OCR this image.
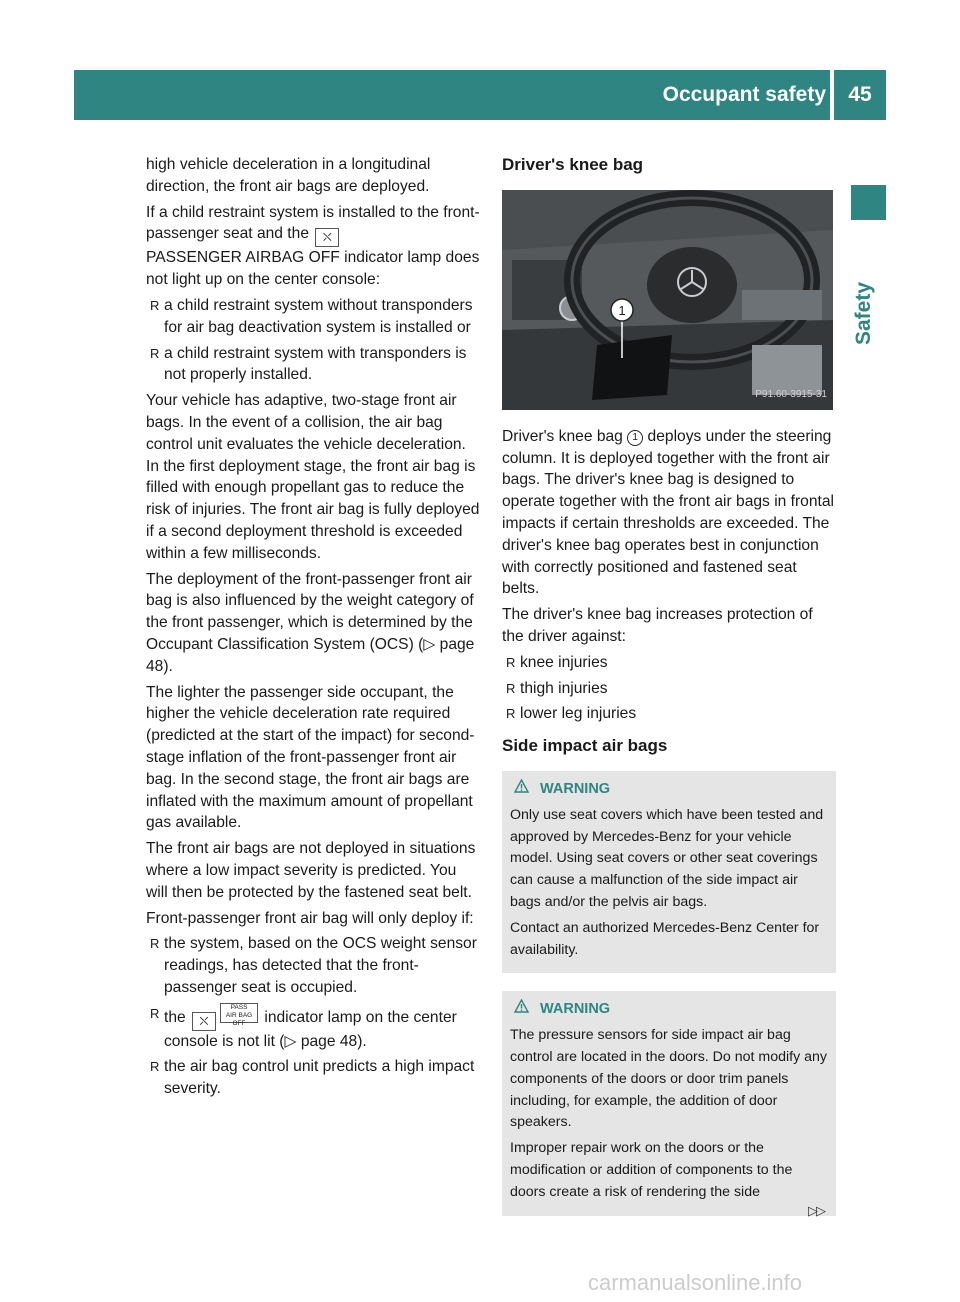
Occupant safety	45
Safety

high vehicle deceleration in a longitudinal direction, the front air bags are deployed.

If a child restraint system is installed to the front-passenger seat and the ⛌
PASSENGER AIRBAG OFF indicator lamp does not light up on the center console:

R a child restraint system without transponders for air bag deactivation system is installed or
R a child restraint system with transponders is not properly installed.

Your vehicle has adaptive, two-stage front air bags. In the event of a collision, the air bag control unit evaluates the vehicle deceleration. In the first deployment stage, the front air bag is filled with enough propellant gas to reduce the risk of injuries. The front air bag is fully deployed if a second deployment threshold is exceeded within a few milliseconds.

The deployment of the front-passenger front air bag is also influenced by the weight category of the front passenger, which is determined by the Occupant Classification System (OCS) (▷ page 48).

The lighter the passenger side occupant, the higher the vehicle deceleration rate required (predicted at the start of the impact) for second-stage inflation of the front-passenger front air bag. In the second stage, the front air bags are inflated with the maximum amount of propellant gas available.

The front air bags are not deployed in situations where a low impact severity is predicted. You will then be protected by the fastened seat belt.

Front-passenger front air bag will only deploy if:

R the system, based on the OCS weight sensor readings, has detected that the front-passenger seat is occupied.
R the ⛌PASS
AIR BAG OFF indicator lamp on the center console is not lit (▷ page 48).
R the air bag control unit predicts a high impact severity.
Driver's knee bag
1
P91.60-3915-31

Driver's knee bag 1 deploys under the steering column. It is deployed together with the front air bags. The driver's knee bag is designed to operate together with the front air bags in frontal impacts if certain thresholds are exceeded. The driver's knee bag operates best in conjunction with correctly positioned and fastened seat belts.

The driver's knee bag increases protection of the driver against:

R knee injuries
R thigh injuries
R lower leg injuries
Side impact air bags
WARNING

Only use seat covers which have been tested and approved by Mercedes-Benz for your vehicle model. Using seat covers or other seat coverings can cause a malfunction of the side impact air bags and/or the pelvis air bags.

Contact an authorized Mercedes-Benz Center for availability.

WARNING

The pressure sensors for side impact air bag control are located in the doors. Do not modify any components of the doors or door trim panels including, for example, the addition of door speakers.

Improper repair work on the doors or the modification or addition of components to the doors create a risk of rendering the side

▷▷
carmanualsonline.info
